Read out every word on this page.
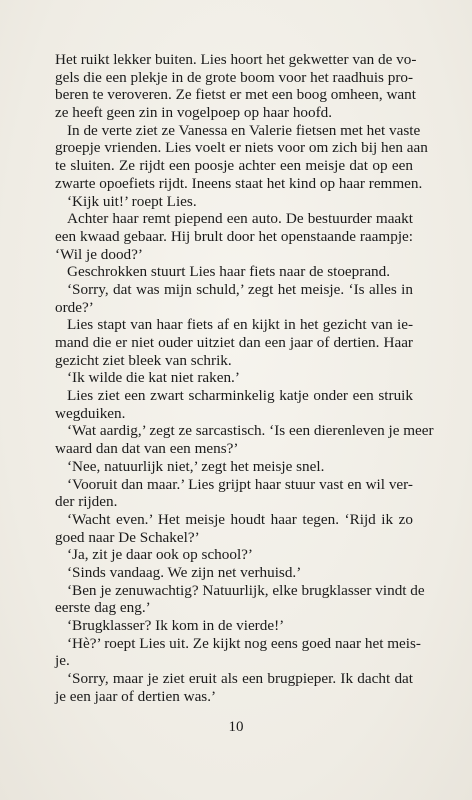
Het ruikt lekker buiten. Lies hoort het gekwetter van de vo-
gels die een plekje in de grote boom voor het raadhuis pro-
beren te veroveren. Ze fietst er met een boog omheen, want
ze heeft geen zin in vogelpoep op haar hoofd.
In de verte ziet ze Vanessa en Valerie fietsen met het vaste
groepje vrienden. Lies voelt er niets voor om zich bij hen aan
te sluiten. Ze rijdt een poosje achter een meisje dat op een
zwarte opoefiets rijdt. Ineens staat het kind op haar remmen.
‘Kijk uit!’ roept Lies.
Achter haar remt piepend een auto. De bestuurder maakt
een kwaad gebaar. Hij brult door het openstaande raampje:
‘Wil je dood?’
Geschrokken stuurt Lies haar fiets naar de stoeprand.
‘Sorry, dat was mijn schuld,’ zegt het meisje. ‘Is alles in
orde?’
Lies stapt van haar fiets af en kijkt in het gezicht van ie-
mand die er niet ouder uitziet dan een jaar of dertien. Haar
gezicht ziet bleek van schrik.
‘Ik wilde die kat niet raken.’
Lies ziet een zwart scharminkelig katje onder een struik
wegduiken.
‘Wat aardig,’ zegt ze sarcastisch. ‘Is een dierenleven je meer
waard dan dat van een mens?’
‘Nee, natuurlijk niet,’ zegt het meisje snel.
‘Vooruit dan maar.’ Lies grijpt haar stuur vast en wil ver-
der rijden.
‘Wacht even.’ Het meisje houdt haar tegen. ‘Rijd ik zo
goed naar De Schakel?’
‘Ja, zit je daar ook op school?’
‘Sinds vandaag. We zijn net verhuisd.’
‘Ben je zenuwachtig? Natuurlijk, elke brugklasser vindt de
eerste dag eng.’
‘Brugklasser? Ik kom in de vierde!’
‘Hè?’ roept Lies uit. Ze kijkt nog eens goed naar het meis-
je.
‘Sorry, maar je ziet eruit als een brugpieper. Ik dacht dat
je een jaar of dertien was.’
10
